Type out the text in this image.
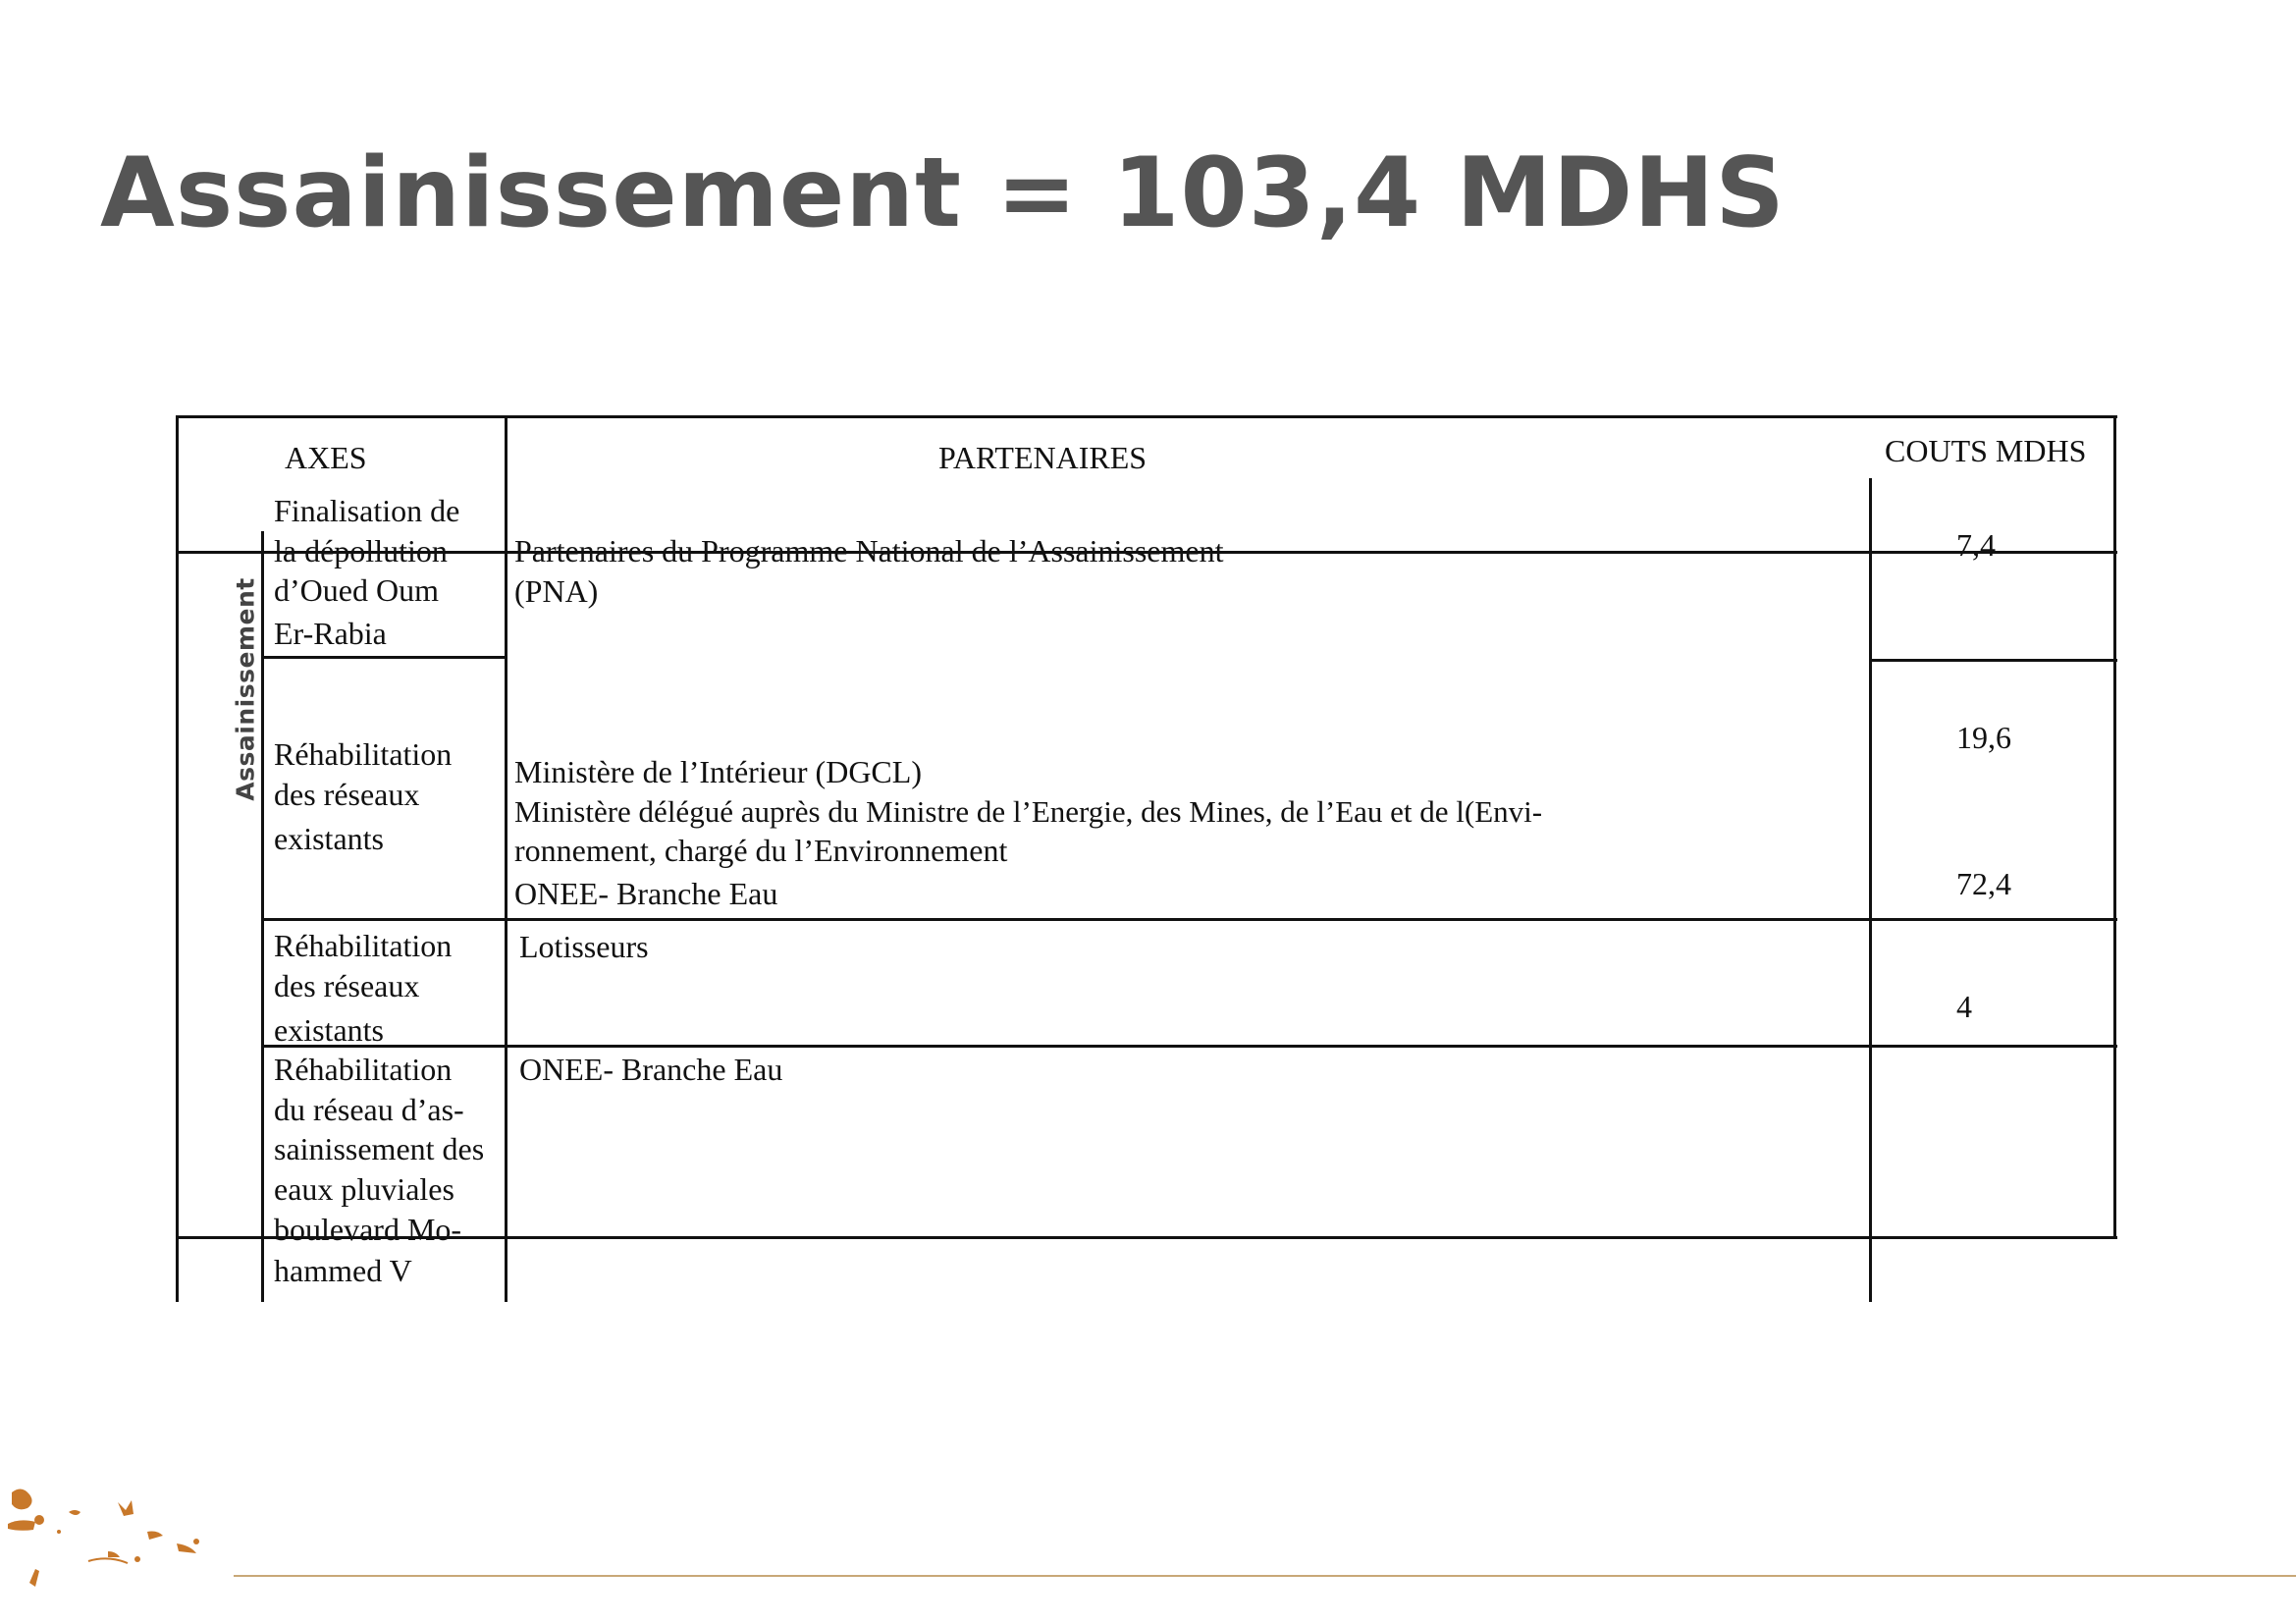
Assainissement = 103,4 MDHS
AXES	PARTENAIRES	COUTS MDHS
Assainissement
Finalisation de
la dépollution
d’Oued Oum
Er-Rabia
Réhabilitation
des réseaux
existants
Réhabilitation
des réseaux
existants
Réhabilitation
du réseau d’as-
sainissement des
eaux pluviales
boulevard Mo-
hammed V
Partenaires du Programme National de l’Assainissement
(PNA)
Ministère de l’Intérieur (DGCL)
Ministère délégué auprès du Ministre de l’Energie, des Mines, de l’Eau et de l(Envi-
ronnement, chargé du l’Environnement
ONEE- Branche Eau
Lotisseurs
ONEE- Branche Eau
7,4
19,6
72,4
4
